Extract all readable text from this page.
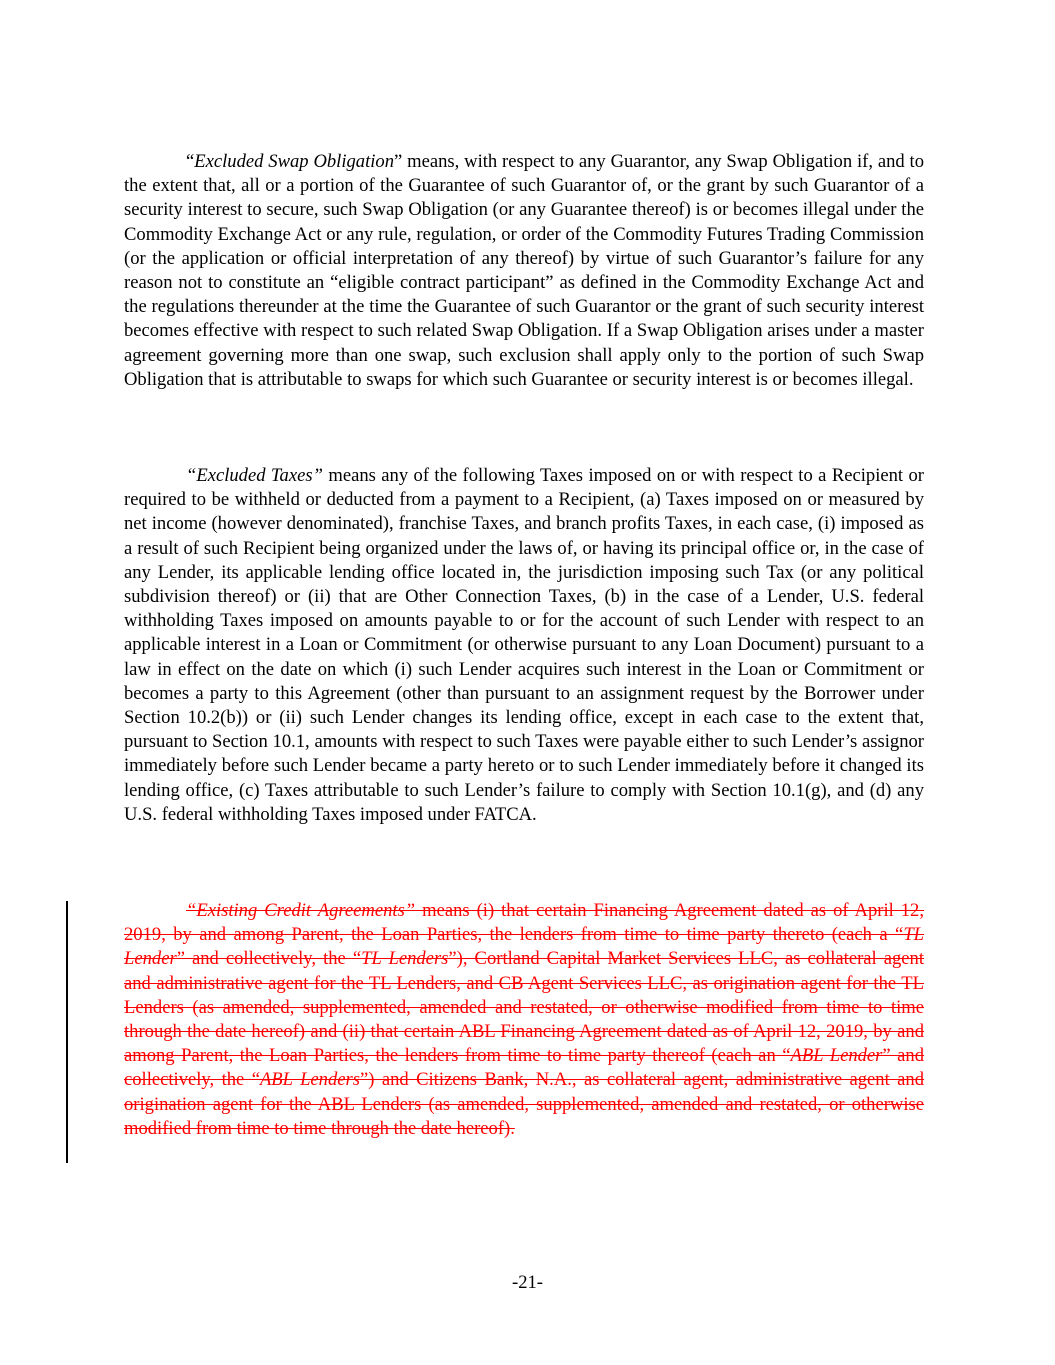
“Excluded Swap Obligation” means, with respect to any Guarantor, any Swap Obligation if, and to the extent that, all or a portion of the Guarantee of such Guarantor of, or the grant by such Guarantor of a security interest to secure, such Swap Obligation (or any Guarantee thereof) is or becomes illegal under the Commodity Exchange Act or any rule, regulation, or order of the Commodity Futures Trading Commission (or the application or official interpretation of any thereof) by virtue of such Guarantor’s failure for any reason not to constitute an “eligible contract participant” as defined in the Commodity Exchange Act and the regulations thereunder at the time the Guarantee of such Guarantor or the grant of such security interest becomes effective with respect to such related Swap Obligation. If a Swap Obligation arises under a master agreement governing more than one swap, such exclusion shall apply only to the portion of such Swap Obligation that is attributable to swaps for which such Guarantee or security interest is or becomes illegal.

“Excluded Taxes” means any of the following Taxes imposed on or with respect to a Recipient or required to be withheld or deducted from a payment to a Recipient, (a) Taxes imposed on or measured by net income (however denominated), franchise Taxes, and branch profits Taxes, in each case, (i) imposed as a result of such Recipient being organized under the laws of, or having its principal office or, in the case of any Lender, its applicable lending office located in, the jurisdiction imposing such Tax (or any political subdivision thereof) or (ii) that are Other Connection Taxes, (b) in the case of a Lender, U.S. federal withholding Taxes imposed on amounts payable to or for the account of such Lender with respect to an applicable interest in a Loan or Commitment (or otherwise pursuant to any Loan Document) pursuant to a law in effect on the date on which (i) such Lender acquires such interest in the Loan or Commitment or becomes a party to this Agreement (other than pursuant to an assignment request by the Borrower under Section 10.2(b)) or (ii) such Lender changes its lending office, except in each case to the extent that, pursuant to Section 10.1, amounts with respect to such Taxes were payable either to such Lender’s assignor immediately before such Lender became a party hereto or to such Lender immediately before it changed its lending office, (c) Taxes attributable to such Lender’s failure to comply with Section 10.1(g), and (d) any U.S. federal withholding Taxes imposed under FATCA.

“Existing Credit Agreements” means (i) that certain Financing Agreement dated as of April 12, 2019, by and among Parent, the Loan Parties, the lenders from time to time party thereto (each a “TL Lender” and collectively, the “TL Lenders”), Cortland Capital Market Services LLC, as collateral agent and administrative agent for the TL Lenders, and CB Agent Services LLC, as origination agent for the TL Lenders (as amended, supplemented, amended and restated, or otherwise modified from time to time through the date hereof) and (ii) that certain ABL Financing Agreement dated as of April 12, 2019, by and among Parent, the Loan Parties, the lenders from time to time party thereof (each an “ABL Lender” and collectively, the “ABL Lenders”) and Citizens Bank, N.A., as collateral agent, administrative agent and origination agent for the ABL Lenders (as amended, supplemented, amended and restated, or otherwise modified from time to time through the date hereof).

-21-
